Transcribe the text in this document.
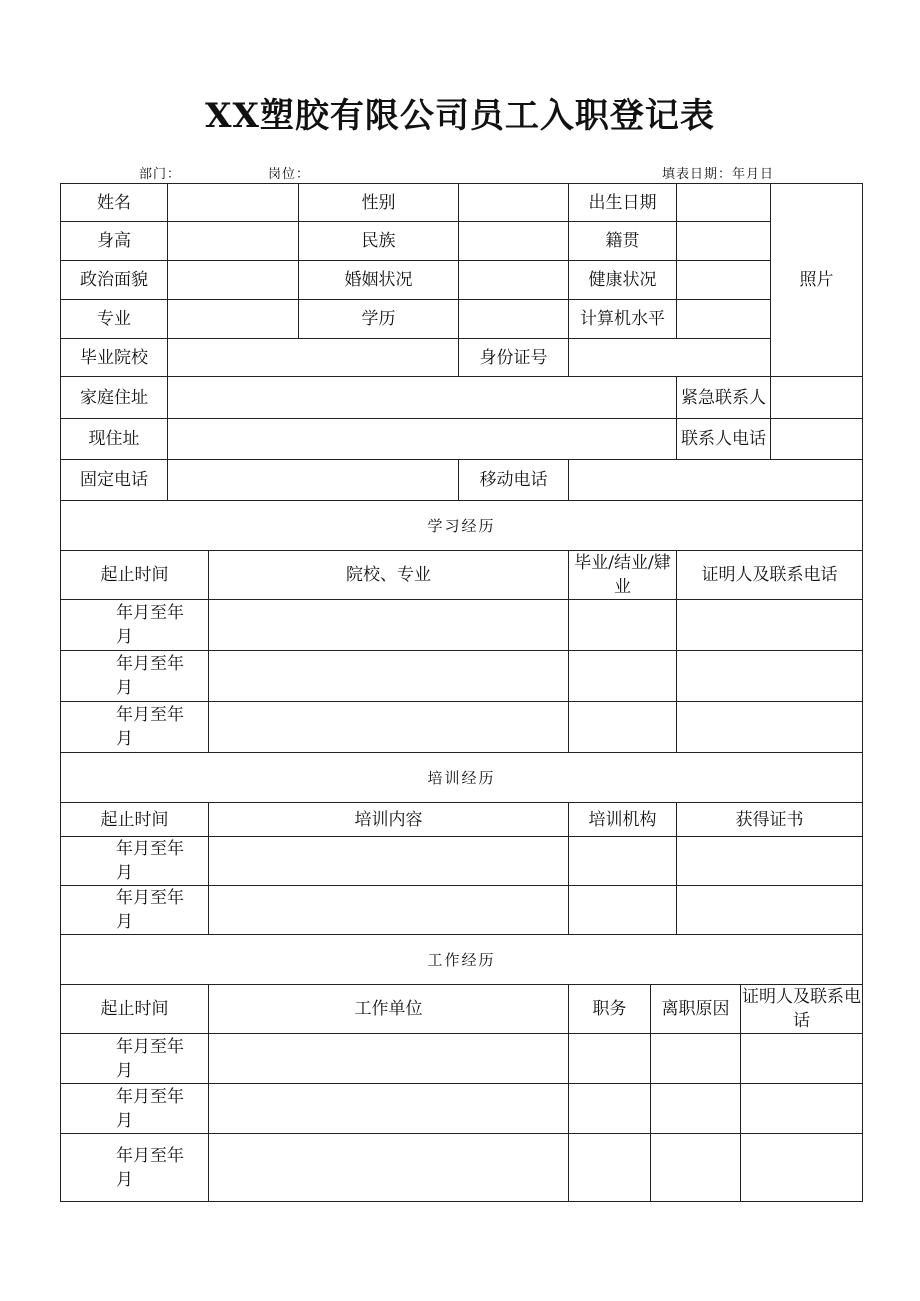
XX塑胶有限公司员工入职登记表
部门：	岗位：	填表日期：年月日
姓名			性别		出生日期				照片
身高			民族		籍贯				
政治面貌			婚姻状况		健康状况				
专业			学历		计算机水平				
毕业院校				身份证号					
家庭住址							紧急联系人		
现住址							联系人电话		
固定电话				移动电话					
学习经历									
起止时间		院校、专业			毕业/结业/肄业		证明人及联系电话		
年月至年月									
年月至年月									
年月至年月									
培训经历									
起止时间		培训内容			培训机构		获得证书		
年月至年月									
年月至年月									
工作经历									
起止时间		工作单位			职务	离职原因		证明人及联系电话	
年月至年月									
年月至年月									
年月至年月									
